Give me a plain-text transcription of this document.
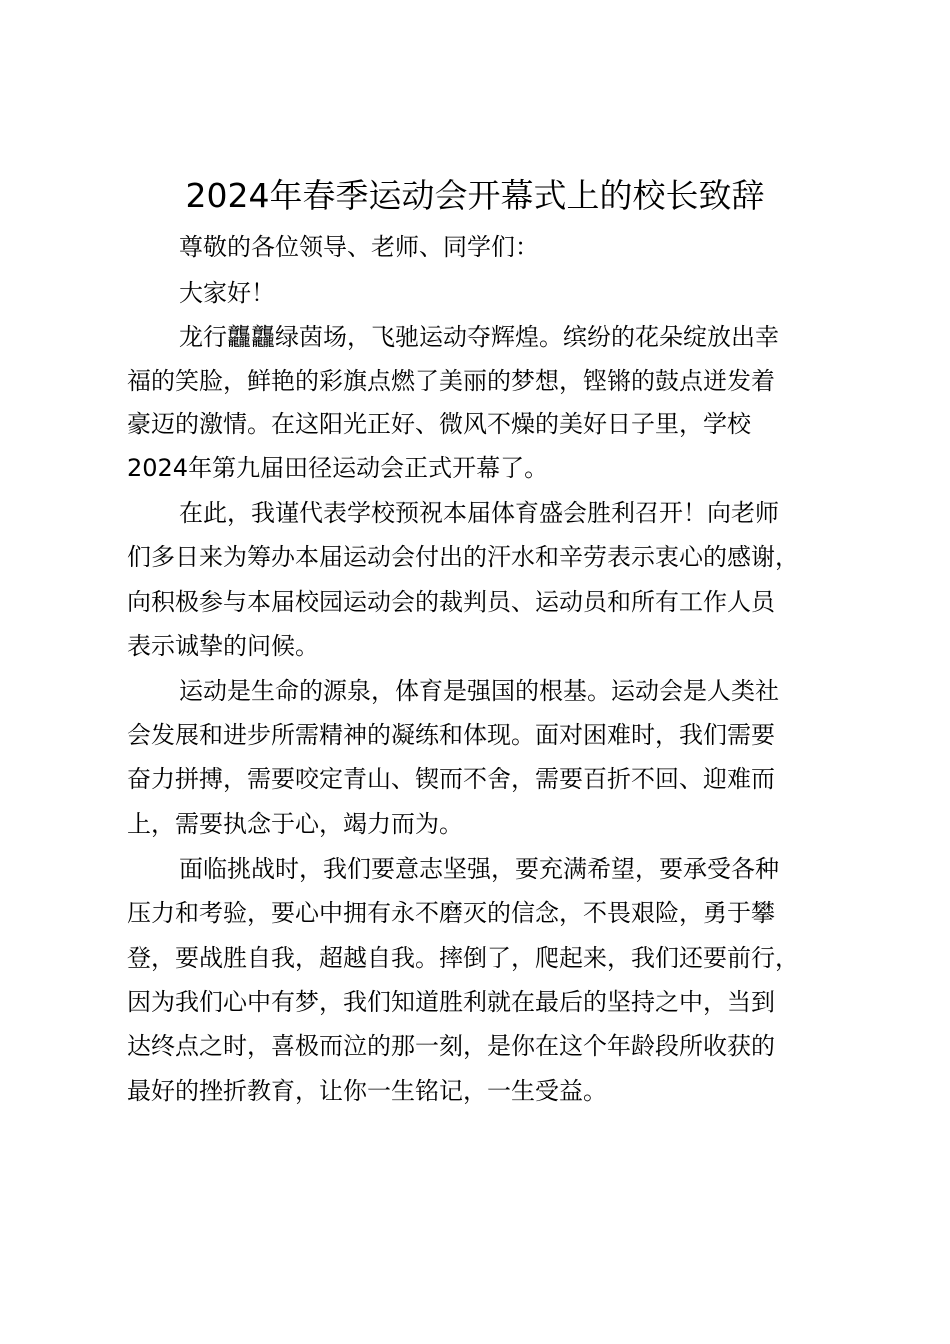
2024年春季运动会开幕式上的校长致辞

尊敬的各位领导、老师、同学们：

大家好！

龙行龘龘绿茵场，飞驰运动夺辉煌。缤纷的花朵绽放出幸

福的笑脸，鲜艳的彩旗点燃了美丽的梦想，铿锵的鼓点迸发着

豪迈的激情。在这阳光正好、微风不燥的美好日子里，学校

2024年第九届田径运动会正式开幕了。

在此，我谨代表学校预祝本届体育盛会胜利召开！向老师

们多日来为筹办本届运动会付出的汗水和辛劳表示衷心的感谢，

向积极参与本届校园运动会的裁判员、运动员和所有工作人员

表示诚挚的问候。

运动是生命的源泉，体育是强国的根基。运动会是人类社

会发展和进步所需精神的凝练和体现。面对困难时，我们需要

奋力拼搏，需要咬定青山、锲而不舍，需要百折不回、迎难而

上，需要执念于心，竭力而为。

面临挑战时，我们要意志坚强，要充满希望，要承受各种

压力和考验，要心中拥有永不磨灭的信念，不畏艰险，勇于攀

登，要战胜自我，超越自我。摔倒了，爬起来，我们还要前行，

因为我们心中有梦，我们知道胜利就在最后的坚持之中，当到

达终点之时，喜极而泣的那一刻，是你在这个年龄段所收获的

最好的挫折教育，让你一生铭记，一生受益。
